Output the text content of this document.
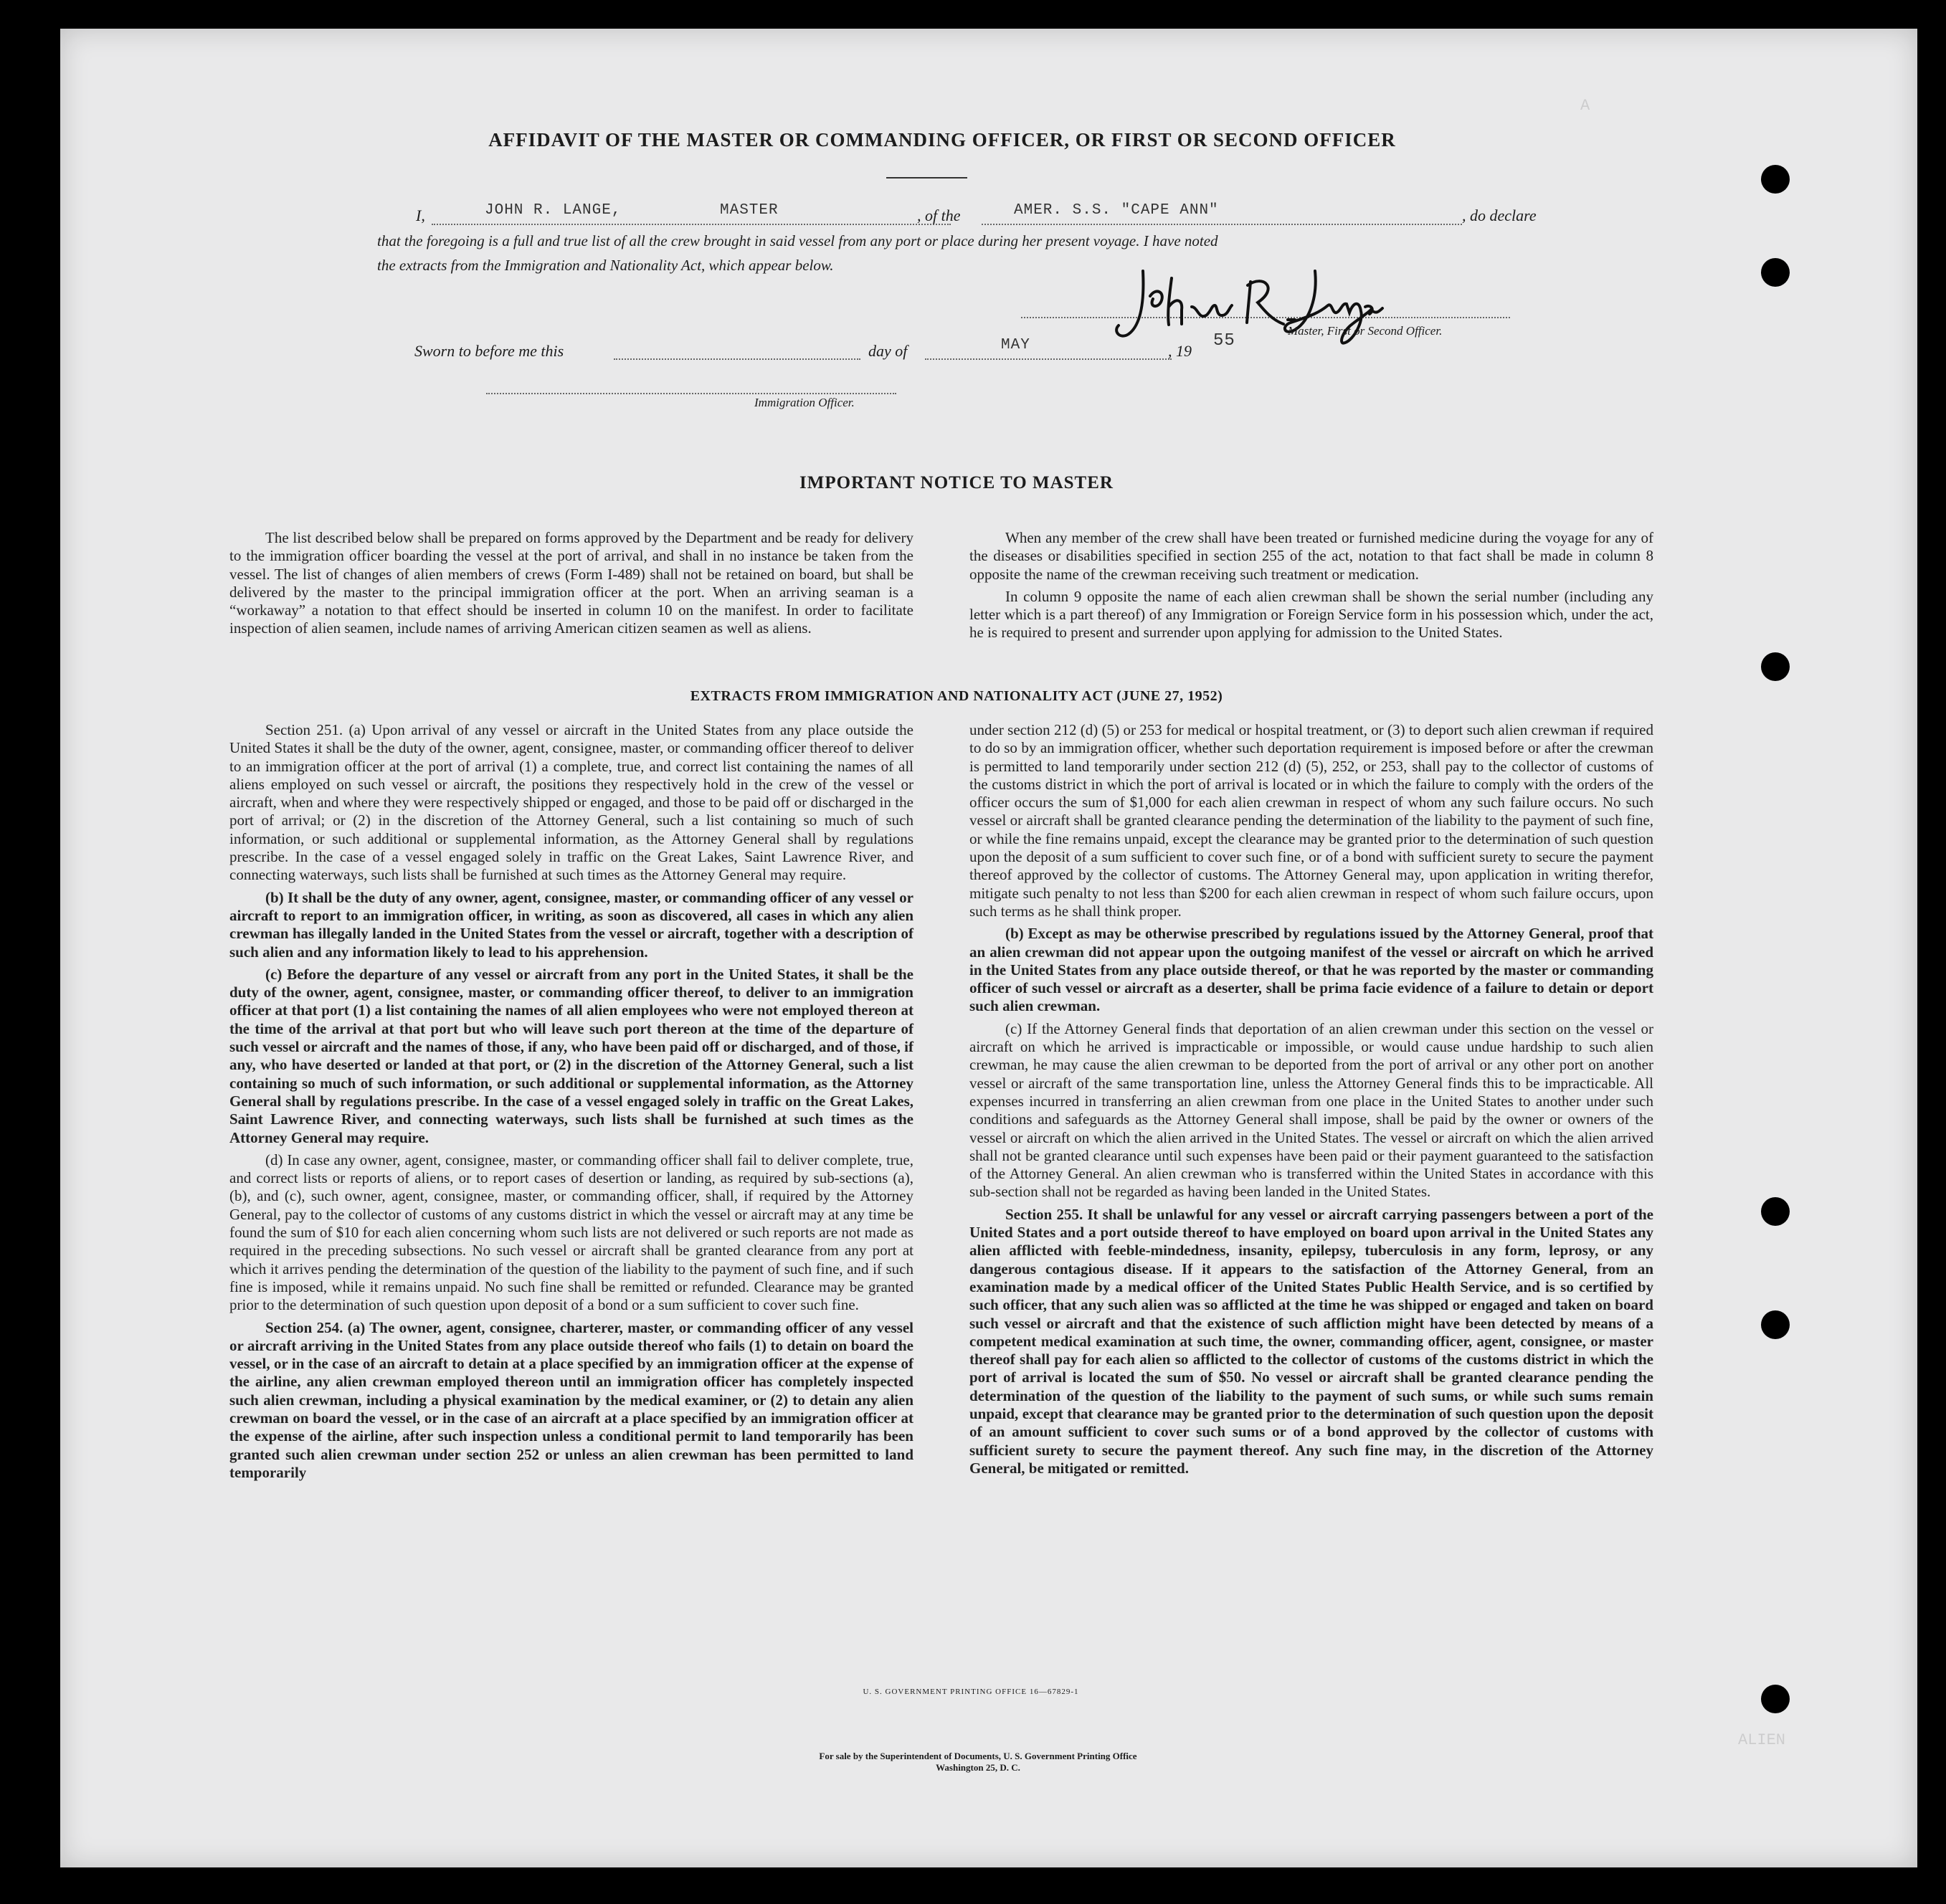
A
ALIEN
AFFIDAVIT OF THE MASTER OR COMMANDING OFFICER, OR FIRST OR SECOND OFFICER
I,	JOHN R. LANGE,	MASTER	, of the	AMER. S.S. "CAPE ANN"	, do declare
that the foregoing is a full and true list of all the crew brought in said vessel from any port or place during her present voyage. I have noted
the extracts from the Immigration and Nationality Act, which appear below.
Master, First or Second Officer.
Sworn to before me this	day of	MAY	, 19
55
Immigration Officer.
IMPORTANT NOTICE TO MASTER

The list described below shall be prepared on forms approved by the Department and be ready for delivery to the immigration officer boarding the vessel at the port of arrival, and shall in no instance be taken from the vessel. The list of changes of alien members of crews (Form I-489) shall not be retained on board, but shall be delivered by the master to the principal immigration officer at the port. When an arriving seaman is a “workaway” a notation to that effect should be inserted in column 10 on the manifest. In order to facilitate inspection of alien seamen, include names of arriving American citizen seamen as well as aliens.

When any member of the crew shall have been treated or furnished medicine during the voyage for any of the diseases or disabilities specified in section 255 of the act, notation to that fact shall be made in column 8 opposite the name of the crewman receiving such treatment or medication.

In column 9 opposite the name of each alien crewman shall be shown the serial number (including any letter which is a part thereof) of any Immigration or Foreign Service form in his possession which, under the act, he is required to present and surrender upon applying for admission to the United States.

EXTRACTS FROM IMMIGRATION AND NATIONALITY ACT (JUNE 27, 1952)

Section 251. (a) Upon arrival of any vessel or aircraft in the United States from any place outside the United States it shall be the duty of the owner, agent, consignee, master, or commanding officer thereof to deliver to an immigration officer at the port of arrival (1) a complete, true, and correct list containing the names of all aliens employed on such vessel or aircraft, the positions they respectively hold in the crew of the vessel or aircraft, when and where they were respectively shipped or engaged, and those to be paid off or discharged in the port of arrival; or (2) in the discretion of the Attorney General, such a list containing so much of such information, or such additional or supplemental information, as the Attorney General shall by regulations prescribe. In the case of a vessel engaged solely in traffic on the Great Lakes, Saint Lawrence River, and connecting waterways, such lists shall be furnished at such times as the Attorney General may require.

(b) It shall be the duty of any owner, agent, consignee, master, or commanding officer of any vessel or aircraft to report to an immigration officer, in writing, as soon as discovered, all cases in which any alien crewman has illegally landed in the United States from the vessel or aircraft, together with a description of such alien and any information likely to lead to his apprehension.

(c) Before the departure of any vessel or aircraft from any port in the United States, it shall be the duty of the owner, agent, consignee, master, or commanding officer thereof, to deliver to an immigration officer at that port (1) a list containing the names of all alien employees who were not employed thereon at the time of the arrival at that port but who will leave such port thereon at the time of the departure of such vessel or aircraft and the names of those, if any, who have been paid off or discharged, and of those, if any, who have deserted or landed at that port, or (2) in the discretion of the Attorney General, such a list containing so much of such information, or such additional or supplemental information, as the Attorney General shall by regulations prescribe. In the case of a vessel engaged solely in traffic on the Great Lakes, Saint Lawrence River, and connecting waterways, such lists shall be furnished at such times as the Attorney General may require.

(d) In case any owner, agent, consignee, master, or commanding officer shall fail to deliver complete, true, and correct lists or reports of aliens, or to report cases of desertion or landing, as required by sub-sections (a), (b), and (c), such owner, agent, consignee, master, or commanding officer, shall, if required by the Attorney General, pay to the collector of customs of any customs district in which the vessel or aircraft may at any time be found the sum of $10 for each alien concerning whom such lists are not delivered or such reports are not made as required in the preceding subsections. No such vessel or aircraft shall be granted clearance from any port at which it arrives pending the determination of the question of the liability to the payment of such fine, and if such fine is imposed, while it remains unpaid. No such fine shall be remitted or refunded. Clearance may be granted prior to the determination of such question upon deposit of a bond or a sum sufficient to cover such fine.

Section 254. (a) The owner, agent, consignee, charterer, master, or commanding officer of any vessel or aircraft arriving in the United States from any place outside thereof who fails (1) to detain on board the vessel, or in the case of an aircraft to detain at a place specified by an immigration officer at the expense of the airline, any alien crewman employed thereon until an immigration officer has completely inspected such alien crewman, including a physical examination by the medical examiner, or (2) to detain any alien crewman on board the vessel, or in the case of an aircraft at a place specified by an immigration officer at the expense of the airline, after such inspection unless a conditional permit to land temporarily has been granted such alien crewman under section 252 or unless an alien crewman has been permitted to land temporarily

under section 212 (d) (5) or 253 for medical or hospital treatment, or (3) to deport such alien crewman if required to do so by an immigration officer, whether such deportation requirement is imposed before or after the crewman is permitted to land temporarily under section 212 (d) (5), 252, or 253, shall pay to the collector of customs of the customs district in which the port of arrival is located or in which the failure to comply with the orders of the officer occurs the sum of $1,000 for each alien crewman in respect of whom any such failure occurs. No such vessel or aircraft shall be granted clearance pending the determination of the liability to the payment of such fine, or while the fine remains unpaid, except the clearance may be granted prior to the determination of such question upon the deposit of a sum sufficient to cover such fine, or of a bond with sufficient surety to secure the payment thereof approved by the collector of customs. The Attorney General may, upon application in writing therefor, mitigate such penalty to not less than $200 for each alien crewman in respect of whom such failure occurs, upon such terms as he shall think proper.

(b) Except as may be otherwise prescribed by regulations issued by the Attorney General, proof that an alien crewman did not appear upon the outgoing manifest of the vessel or aircraft on which he arrived in the United States from any place outside thereof, or that he was reported by the master or commanding officer of such vessel or aircraft as a deserter, shall be prima facie evidence of a failure to detain or deport such alien crewman.

(c) If the Attorney General finds that deportation of an alien crewman under this section on the vessel or aircraft on which he arrived is impracticable or impossible, or would cause undue hardship to such alien crewman, he may cause the alien crewman to be deported from the port of arrival or any other port on another vessel or aircraft of the same transportation line, unless the Attorney General finds this to be impracticable. All expenses incurred in transferring an alien crewman from one place in the United States to another under such conditions and safeguards as the Attorney General shall impose, shall be paid by the owner or owners of the vessel or aircraft on which the alien arrived in the United States. The vessel or aircraft on which the alien arrived shall not be granted clearance until such expenses have been paid or their payment guaranteed to the satisfaction of the Attorney General. An alien crewman who is transferred within the United States in accordance with this sub-section shall not be regarded as having been landed in the United States.

Section 255. It shall be unlawful for any vessel or aircraft carrying passengers between a port of the United States and a port outside thereof to have employed on board upon arrival in the United States any alien afflicted with feeble-mindedness, insanity, epilepsy, tuberculosis in any form, leprosy, or any dangerous contagious disease. If it appears to the satisfaction of the Attorney General, from an examination made by a medical officer of the United States Public Health Service, and is so certified by such officer, that any such alien was so afflicted at the time he was shipped or engaged and taken on board such vessel or aircraft and that the existence of such affliction might have been detected by means of a competent medical examination at such time, the owner, commanding officer, agent, consignee, or master thereof shall pay for each alien so afflicted to the collector of customs of the customs district in which the port of arrival is located the sum of $50. No vessel or aircraft shall be granted clearance pending the determination of the question of the liability to the payment of such sums, or while such sums remain unpaid, except that clearance may be granted prior to the determination of such question upon the deposit of an amount sufficient to cover such sums or of a bond approved by the collector of customs with sufficient surety to secure the payment thereof. Any such fine may, in the discretion of the Attorney General, be mitigated or remitted.

U. S. GOVERNMENT PRINTING OFFICE 16—67829-1
For sale by the Superintendent of Documents, U. S. Government Printing Office
Washington 25, D. C.
